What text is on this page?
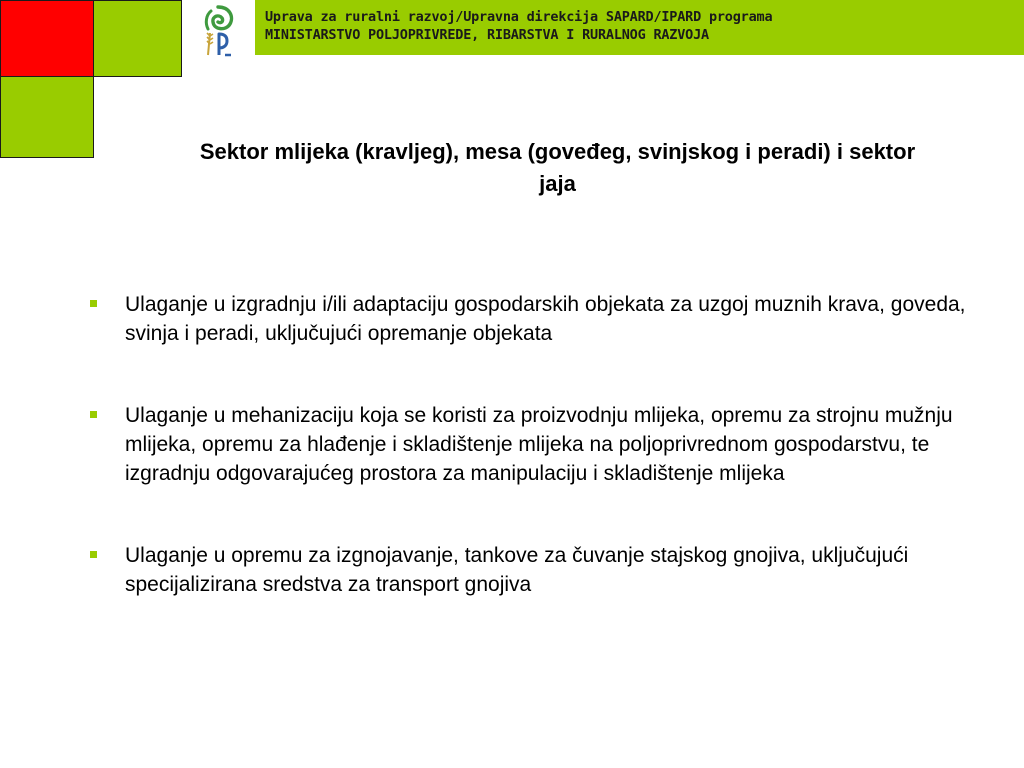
Uprava za ruralni razvoj/Upravna direkcija SAPARD/IPARD programa
MINISTARSTVO POLJOPRIVREDE, RIBARSTVA I RURALNOG RAZVOJA
Sektor mlijeka (kravljeg), mesa (goveđeg, svinjskog i peradi) i sektor jaja
Ulaganje u izgradnju i/ili adaptaciju gospodarskih objekata za uzgoj muznih krava, goveda, svinja i peradi, uključujući opremanje objekata
Ulaganje u mehanizaciju koja se koristi za proizvodnju mlijeka, opremu za strojnu mužnju mlijeka, opremu za hlađenje i skladištenje mlijeka na poljoprivrednom gospodarstvu, te izgradnju odgovarajućeg prostora za manipulaciju i skladištenje mlijeka
Ulaganje u opremu za izgnojavanje, tankove za čuvanje stajskog gnojiva, uključujući specijalizirana sredstva za transport gnojiva
